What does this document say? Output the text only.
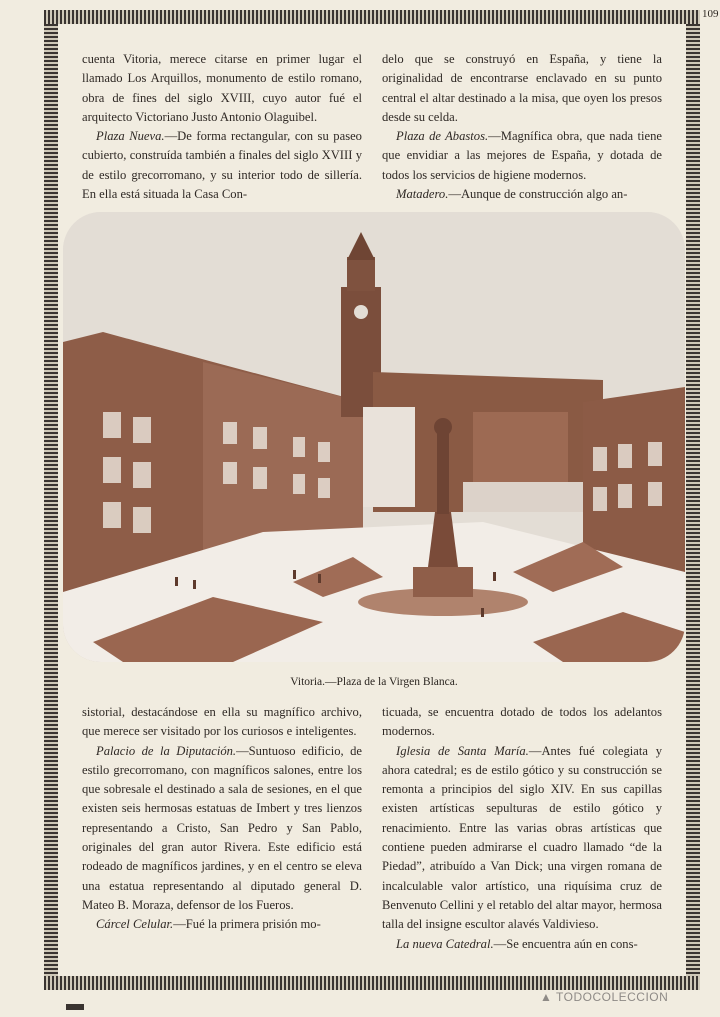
109

cuenta Vitoria, merece citarse en primer lugar el llamado Los Arquillos, monumento de estilo romano, obra de fines del siglo XVIII, cuyo autor fué el arquitecto Victoriano Justo Antonio Olaguibel.

Plaza Nueva.—De forma rectangular, con su paseo cubierto, construída también a finales del siglo XVIII y de estilo grecorromano, y su interior todo de sillería. En ella está situada la Casa Con-

delo que se construyó en España, y tiene la originalidad de encontrarse enclavado en su punto central el altar destinado a la misa, que oyen los presos desde su celda.

Plaza de Abastos.—Magnífica obra, que nada tiene que envidiar a las mejores de España, y dotada de todos los servicios de higiene modernos.

Matadero.—Aunque de construcción algo an-

Vitoria.—Plaza de la Virgen Blanca.

sistorial, destacándose en ella su magnífico archivo, que merece ser visitado por los curiosos e inteligentes.

Palacio de la Diputación.—Suntuoso edificio, de estilo grecorromano, con magníficos salones, entre los que sobresale el destinado a sala de sesiones, en el que existen seis hermosas estatuas de Imbert y tres lienzos representando a Cristo, San Pedro y San Pablo, originales del gran autor Rivera. Este edificio está rodeado de magníficos jardines, y en el centro se eleva una estatua representando al diputado general D. Mateo B. Moraza, defensor de los Fueros.

Cárcel Celular.—Fué la primera prisión mo-

ticuada, se encuentra dotado de todos los adelantos modernos.

Iglesia de Santa María.—Antes fué colegiata y ahora catedral; es de estilo gótico y su construcción se remonta a principios del siglo XIV. En sus capillas existen artísticas sepulturas de estilo gótico y renacimiento. Entre las varias obras artísticas que contiene pueden admirarse el cuadro llamado “de la Piedad”, atribuído a Van Dick; una virgen romana de incalculable valor artístico, una riquísima cruz de Benvenuto Cellini y el retablo del altar mayor, hermosa talla del insigne escultor alavés Valdivieso.

La nueva Catedral.—Se encuentra aún en cons-

▲ TODOCOLECCION
